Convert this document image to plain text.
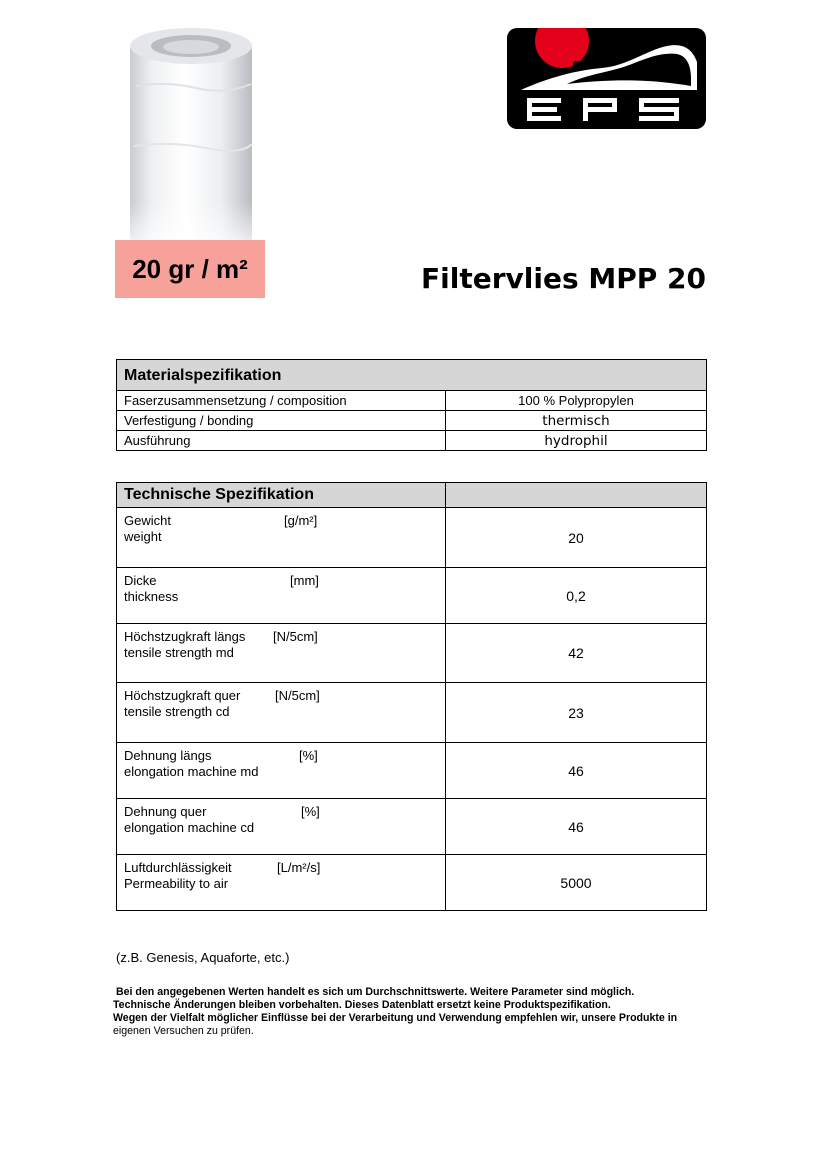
20 gr / m²	Filtervlies MPP 20
Materialspezifikation	
Faserzusammensetzung / composition	100 % Polypropylen
Verfestigung / bonding	thermisch
Ausführung	hydrophil
Technische Spezifikation	

Gewicht
weight
[g/m²]	20

Dicke
thickness
[mm]	0,2

Höchstzugkraft längs
tensile strength md
[N/5cm]	42

Höchstzugkraft quer
tensile strength cd
[N/5cm]	23

Dehnung längs
elongation machine md
[%]	46

Dehnung quer
elongation machine cd
[%]	46

Luftdurchlässigkeit
Permeability to air
[L/m²/s]	5000
(z.B. Genesis, Aquaforte, etc.)
Bei den angegebenen Werten handelt es sich um Durchschnittswerte. Weitere Parameter sind möglich.
Technische Änderungen bleiben vorbehalten. Dieses Datenblatt ersetzt keine Produktspezifikation.
Wegen der Vielfalt möglicher Einflüsse bei der Verarbeitung und Verwendung empfehlen wir, unsere Produkte in
eigenen Versuchen zu prüfen.
